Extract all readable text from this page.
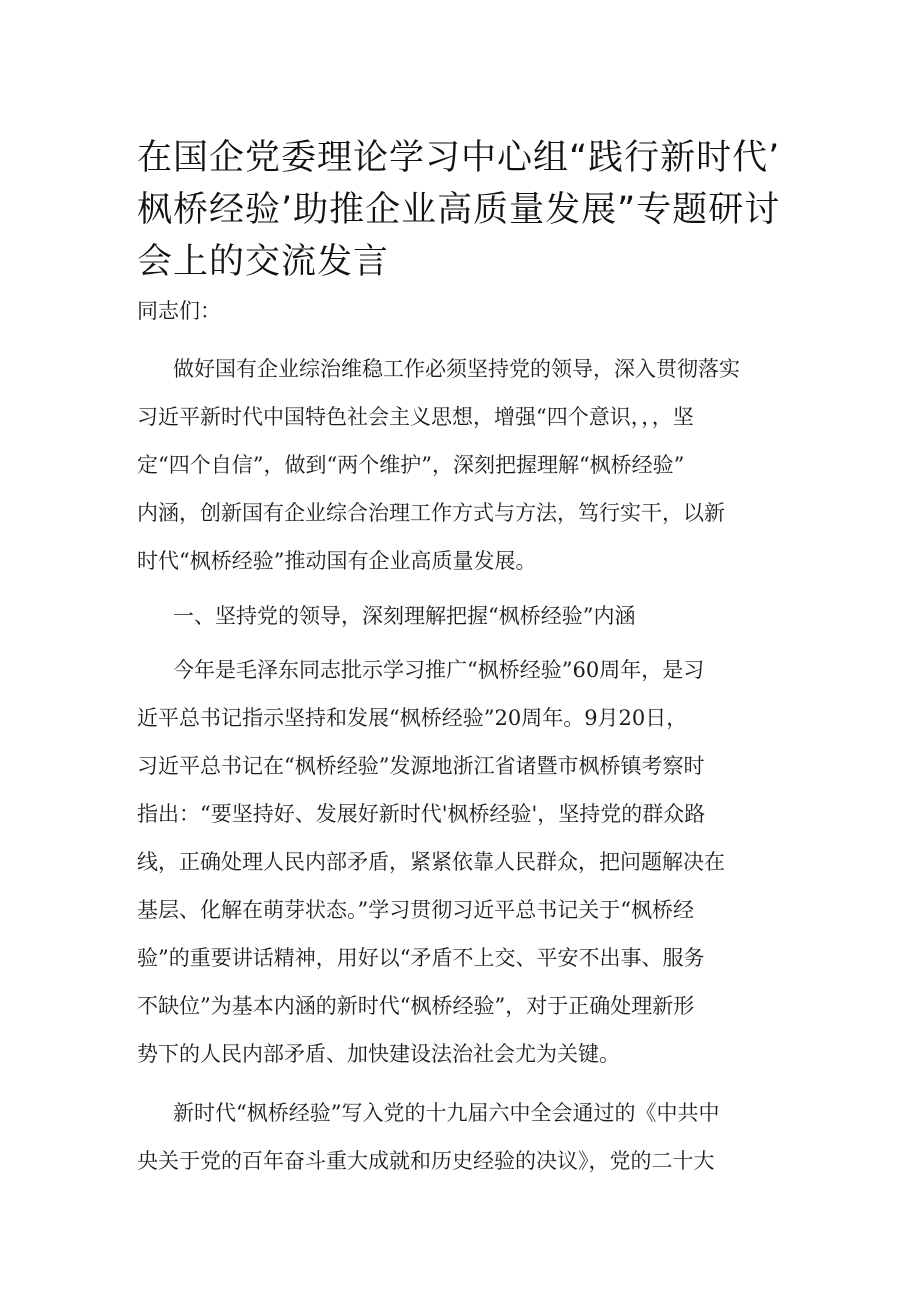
在国企党委理论学习中心组“践行新时代’
枫桥经验’助推企业高质量发展”专题研讨
会上的交流发言

同志们：

做好国有企业综治维稳工作必须坚持党的领导，深入贯彻落实
习近平新时代中国特色社会主义思想，增强“四个意识，，，坚
定“四个自信”，做到“两个维护”，深刻把握理解“枫桥经验”
内涵，创新国有企业综合治理工作方式与方法，笃行实干，以新
时代“枫桥经验”推动国有企业高质量发展。

一、坚持党的领导，深刻理解把握“枫桥经验”内涵

今年是毛泽东同志批示学习推广“枫桥经验”60周年，是习
近平总书记指示坚持和发展“枫桥经验”20周年。9月20日，
习近平总书记在“枫桥经验”发源地浙江省诸暨市枫桥镇考察时
指出：“要坚持好、发展好新时代'枫桥经验'，坚持党的群众路
线，正确处理人民内部矛盾，紧紧依靠人民群众，把问题解决在
基层、化解在萌芽状态。”学习贯彻习近平总书记关于“枫桥经
验”的重要讲话精神，用好以“矛盾不上交、平安不出事、服务
不缺位”为基本内涵的新时代“枫桥经验”，对于正确处理新形
势下的人民内部矛盾、加快建设法治社会尤为关键。

新时代“枫桥经验”写入党的十九届六中全会通过的《中共中
央关于党的百年奋斗重大成就和历史经验的决议》，党的二十大
